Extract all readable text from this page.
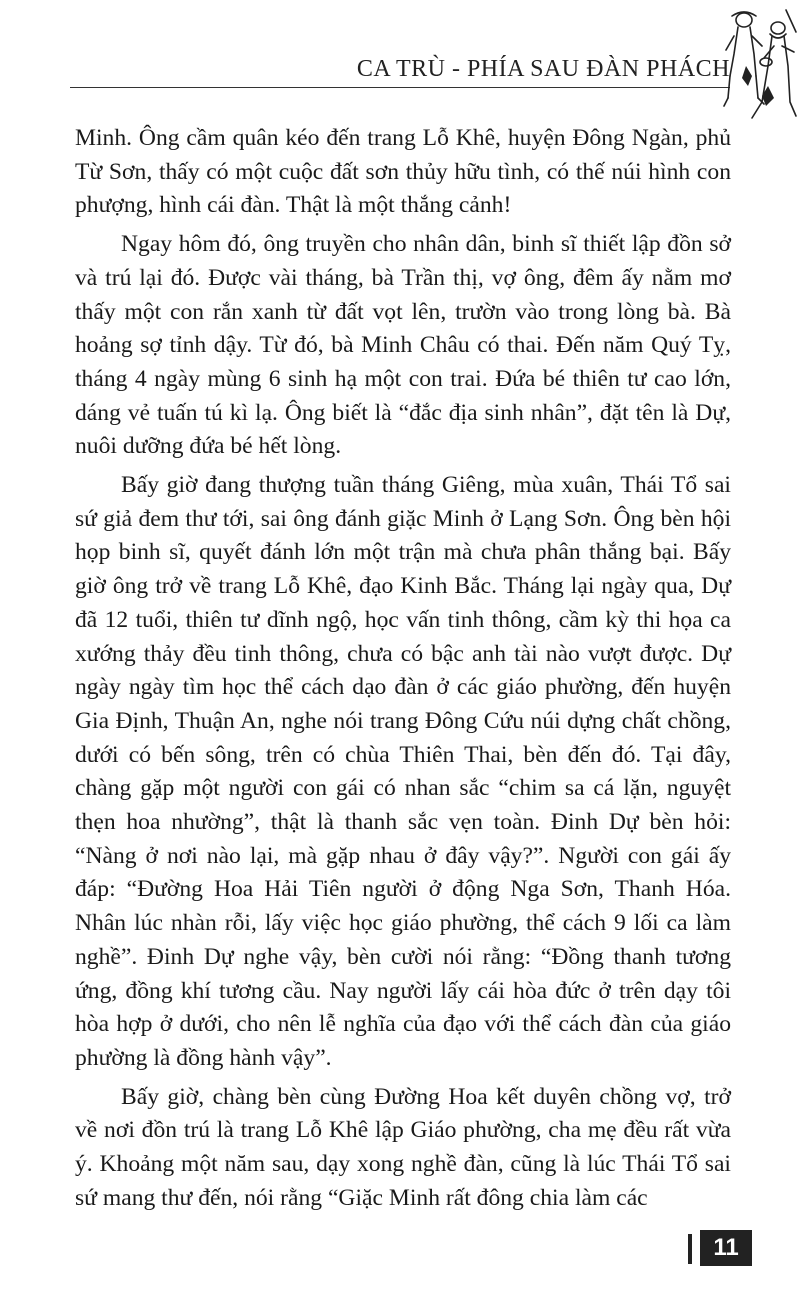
CA TRÙ - PHÍA SAU ĐÀN PHÁCH

Minh. Ông cầm quân kéo đến trang Lỗ Khê, huyện Đông Ngàn, phủ Từ Sơn, thấy có một cuộc đất sơn thủy hữu tình, có thế núi hình con phượng, hình cái đàn. Thật là một thắng cảnh!

Ngay hôm đó, ông truyền cho nhân dân, binh sĩ thiết lập đồn sở và trú lại đó. Được vài tháng, bà Trần thị, vợ ông, đêm ấy nằm mơ thấy một con rắn xanh từ đất vọt lên, trườn vào trong lòng bà. Bà hoảng sợ tỉnh dậy. Từ đó, bà Minh Châu có thai. Đến năm Quý Tỵ, tháng 4 ngày mùng 6 sinh hạ một con trai. Đứa bé thiên tư cao lớn, dáng vẻ tuấn tú kì lạ. Ông biết là “đắc địa sinh nhân”, đặt tên là Dự, nuôi dưỡng đứa bé hết lòng.

Bấy giờ đang thượng tuần tháng Giêng, mùa xuân, Thái Tổ sai sứ giả đem thư tới, sai ông đánh giặc Minh ở Lạng Sơn. Ông bèn hội họp binh sĩ, quyết đánh lớn một trận mà chưa phân thắng bại. Bấy giờ ông trở về trang Lỗ Khê, đạo Kinh Bắc. Tháng lại ngày qua, Dự đã 12 tuổi, thiên tư dĩnh ngộ, học vấn tinh thông, cầm kỳ thi họa ca xướng thảy đều tinh thông, chưa có bậc anh tài nào vượt được. Dự ngày ngày tìm học thể cách dạo đàn ở các giáo phường, đến huyện Gia Định, Thuận An, nghe nói trang Đông Cứu núi dựng chất chồng, dưới có bến sông, trên có chùa Thiên Thai, bèn đến đó. Tại đây, chàng gặp một người con gái có nhan sắc “chim sa cá lặn, nguyệt thẹn hoa nhường”, thật là thanh sắc vẹn toàn. Đinh Dự bèn hỏi: “Nàng ở nơi nào lại, mà gặp nhau ở đây vậy?”. Người con gái ấy đáp: “Đường Hoa Hải Tiên người ở động Nga Sơn, Thanh Hóa. Nhân lúc nhàn rỗi, lấy việc học giáo phường, thể cách 9 lối ca làm nghề”. Đinh Dự nghe vậy, bèn cười nói rằng: “Đồng thanh tương ứng, đồng khí tương cầu. Nay người lấy cái hòa đức ở trên dạy tôi hòa hợp ở dưới, cho nên lễ nghĩa của đạo với thể cách đàn của giáo phường là đồng hành vậy”.

Bấy giờ, chàng bèn cùng Đường Hoa kết duyên chồng vợ, trở về nơi đồn trú là trang Lỗ Khê lập Giáo phường, cha mẹ đều rất vừa ý. Khoảng một năm sau, dạy xong nghề đàn, cũng là lúc Thái Tổ sai sứ mang thư đến, nói rằng “Giặc Minh rất đông chia làm các

11
